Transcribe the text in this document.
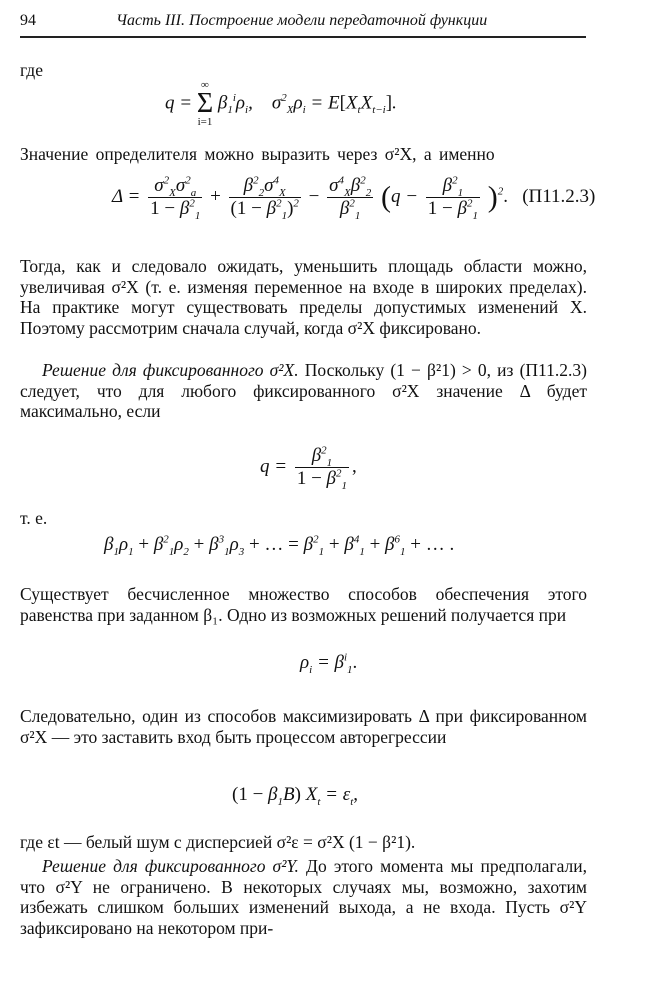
94	Часть III. Построение модели передаточной функции
где
q =
∞
Σ
i=1
$\beta_1^i\rho_i$,    $\sigma^2_X\rho_i = E[X_tX_{t-i}]$.
Значение определителя можно выразить через σ²X, а именно
$\Delta = \frac{\sigma^2_X\sigma^2_a}{1 - \beta^2_1} + \frac{\beta^2_2\sigma^4_X}{(1 - \beta^2_1)^2} - \frac{\sigma^4_X\beta^2_2}{\beta^2_1} (q - \frac{\beta^2_1}{1 - \beta^2_1} )^2$. (П11.2.3)
Тогда, как и следовало ожидать, уменьшить площадь области можно, увеличивая σ²X (т. е. изменяя переменное на входе в широких пределах). На практике могут существовать пределы допустимых изменений X. Поэтому рассмотрим сначала случай, когда σ²X фиксировано.
Решение для фиксированного σ²X. Поскольку (1 − β²1) > 0, из (П11.2.3) следует, что для любого фиксированного σ²X значение Δ будет максимально, если
$q = \frac{\beta^2_1}{1 - \beta^2_1}$ ,
т. е.
$\beta_1\rho_1 + \beta^2_1\rho_2 + \beta^3_1\rho_3$ + … = $\beta^2_1 + \beta^4_1 + \beta^6_1$ + … .
Существует бесчисленное множество способов обеспечения этого равенства при заданном β₁. Одно из возможных решений получается при
$\rho_i = \beta^i_1$.
Следовательно, один из способов максимизировать Δ при фиксированном σ²X — это заставить вход быть процессом авторегрессии
$(1 - \beta_1B)$ $X_t = \varepsilon_t$,
где εt — белый шум с дисперсией σ²ε = σ²X (1 − β²1).
Решение для фиксированного σ²Y. До этого момента мы предполагали, что σ²Y не ограничено. В некоторых случаях мы, возможно, захотим избежать слишком больших изменений выхода, а не входа. Пусть σ²Y зафиксировано на некотором при-
